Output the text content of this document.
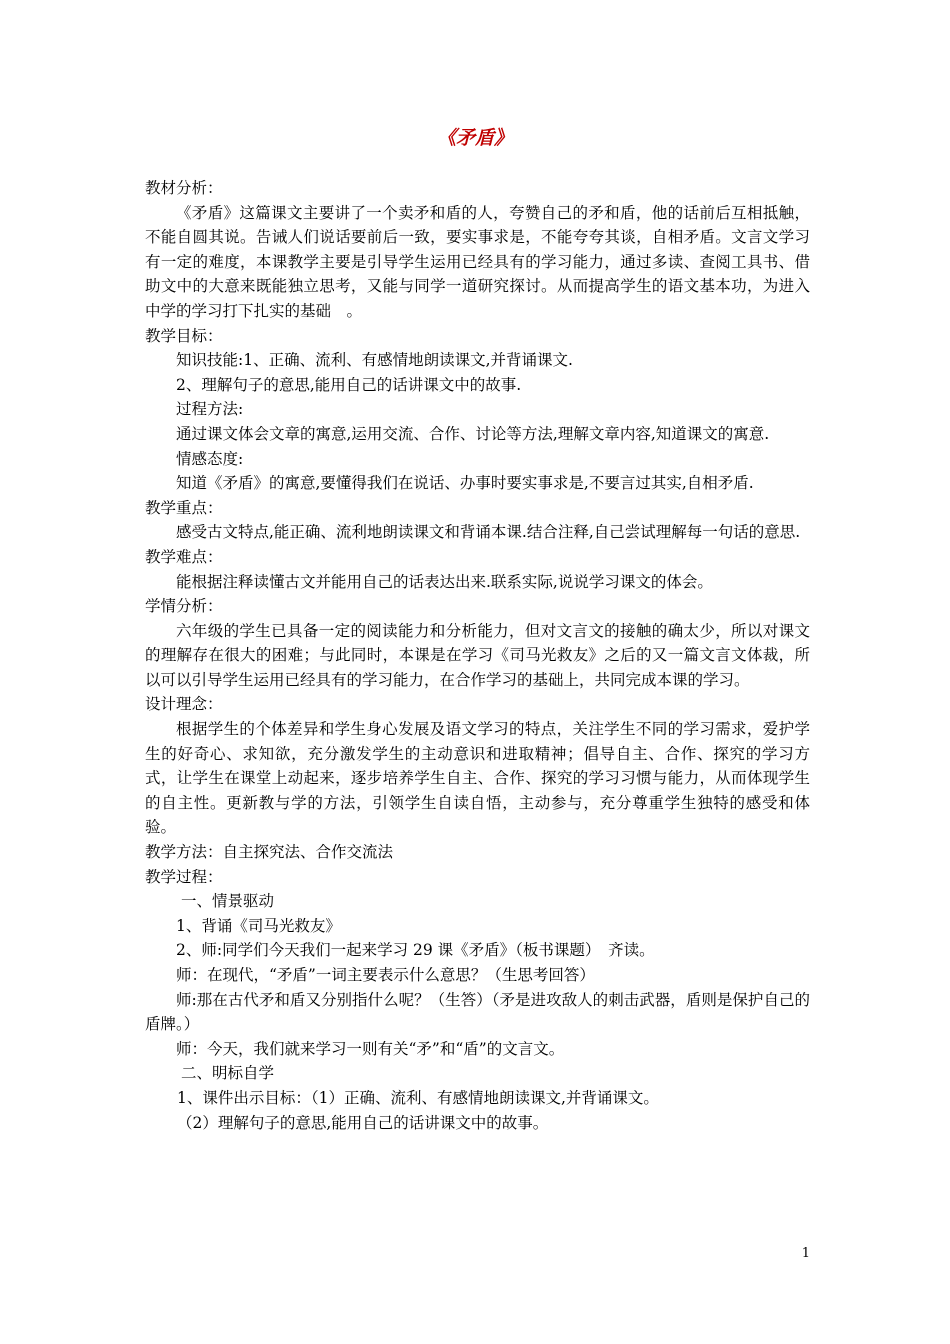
《矛盾》

教材分析：

《矛盾》这篇课文主要讲了一个卖矛和盾的人，夸赞自己的矛和盾，他的话前后互相抵触，不能自圆其说。告诫人们说话要前后一致，要实事求是，不能夸夸其谈，自相矛盾。文言文学习有一定的难度，本课教学主要是引导学生运用已经具有的学习能力，通过多读、查阅工具书、借助文中的大意来既能独立思考，又能与同学一道研究探讨。从而提高学生的语文基本功，为进入中学的学习打下扎实的基础　。

教学目标：

知识技能:1、正确、流利、有感情地朗读课文,并背诵课文.

2、理解句子的意思,能用自己的话讲课文中的故事.

过程方法:

通过课文体会文章的寓意,运用交流、合作、讨论等方法,理解文章内容,知道课文的寓意.

情感态度:

知道《矛盾》的寓意,要懂得我们在说话、办事时要实事求是,不要言过其实,自相矛盾.

教学重点：

感受古文特点,能正确、流利地朗读课文和背诵本课.结合注释,自己尝试理解每一句话的意思.

教学难点：

能根据注释读懂古文并能用自己的话表达出来.联系实际,说说学习课文的体会。

学情分析：

六年级的学生已具备一定的阅读能力和分析能力，但对文言文的接触的确太少，所以对课文的理解存在很大的困难；与此同时，本课是在学习《司马光救友》之后的又一篇文言文体裁，所以可以引导学生运用已经具有的学习能力，在合作学习的基础上，共同完成本课的学习。

设计理念：

根据学生的个体差异和学生身心发展及语文学习的特点，关注学生不同的学习需求，爱护学生的好奇心、求知欲，充分激发学生的主动意识和进取精神；倡导自主、合作、探究的学习方式，让学生在课堂上动起来，逐步培养学生自主、合作、探究的学习习惯与能力，从而体现学生的自主性。更新教与学的方法，引领学生自读自悟，主动参与，充分尊重学生独特的感受和体验。

教学方法：自主探究法、合作交流法

教学过程：

一、情景驱动

1、背诵《司马光救友》

2、师:同学们今天我们一起来学习 29 课《矛盾》（板书课题）　齐读。

师：在现代，“矛盾”一词主要表示什么意思？（生思考回答）

师:那在古代矛和盾又分别指什么呢？（生答）（矛是进攻敌人的刺击武器，盾则是保护自己的盾牌。）

师：今天，我们就来学习一则有关“矛”和“盾”的文言文。

二、明标自学

1、课件出示目标：（1）正确、流利、有感情地朗读课文,并背诵课文。

（2）理解句子的意思,能用自己的话讲课文中的故事。

1
